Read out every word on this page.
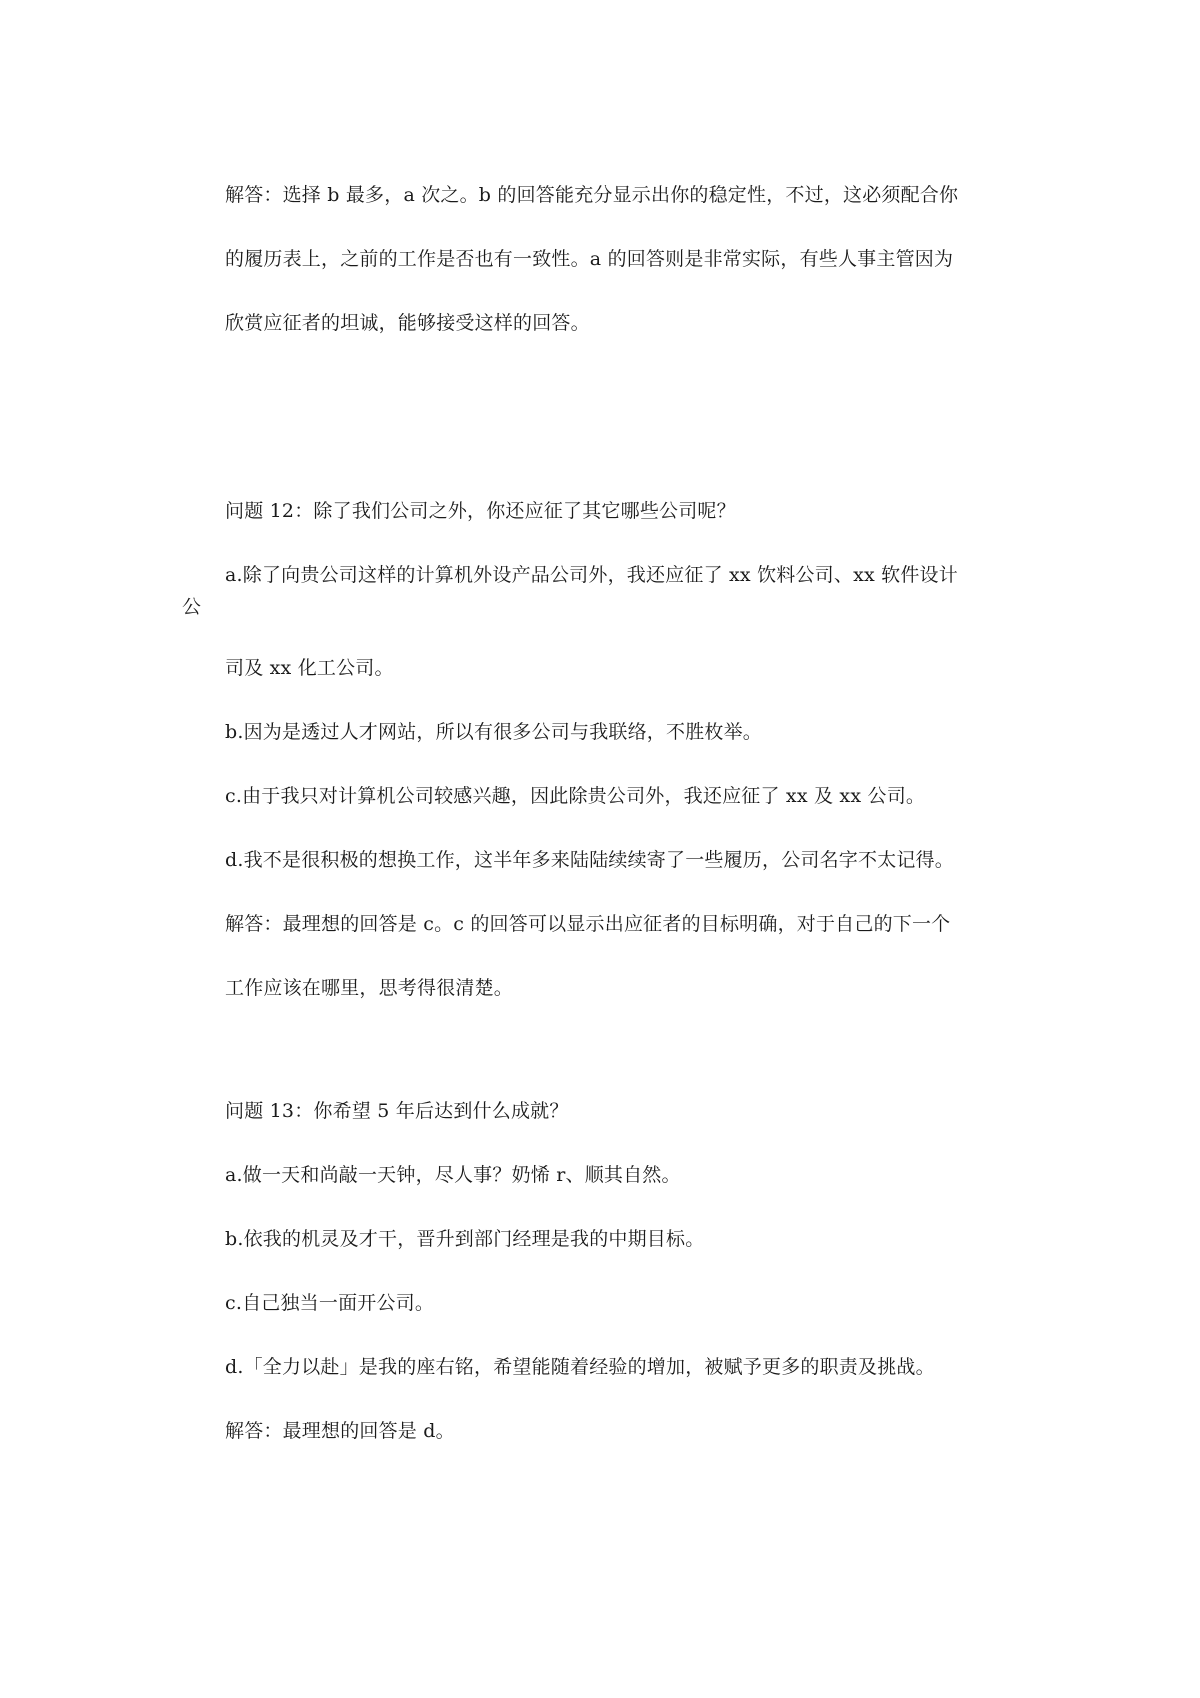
解答：选择 b 最多，a 次之。b 的回答能充分显示出你的稳定性，不过，这必须配合你
的履历表上，之前的工作是否也有一致性。a 的回答则是非常实际，有些人事主管因为
欣赏应征者的坦诚，能够接受这样的回答。
问题 12：除了我们公司之外，你还应征了其它哪些公司呢？
a.除了向贵公司这样的计算机外设产品公司外，我还应征了 xx 饮料公司、xx 软件设计
公
司及 xx 化工公司。
b.因为是透过人才网站，所以有很多公司与我联络，不胜枚举。
c.由于我只对计算机公司较感兴趣，因此除贵公司外，我还应征了 xx 及 xx 公司。
d.我不是很积极的想换工作，这半年多来陆陆续续寄了一些履历，公司名字不太记得。
解答：最理想的回答是 c。c 的回答可以显示出应征者的目标明确，对于自己的下一个
工作应该在哪里，思考得很清楚。
问题 13：你希望 5 年后达到什么成就？
a.做一天和尚敲一天钟，尽人事？奶悕 r、顺其自然。
b.依我的机灵及才干，晋升到部门经理是我的中期目标。
c.自己独当一面开公司。
d.「全力以赴」是我的座右铭，希望能随着经验的增加，被赋予更多的职责及挑战。
解答：最理想的回答是 d。
